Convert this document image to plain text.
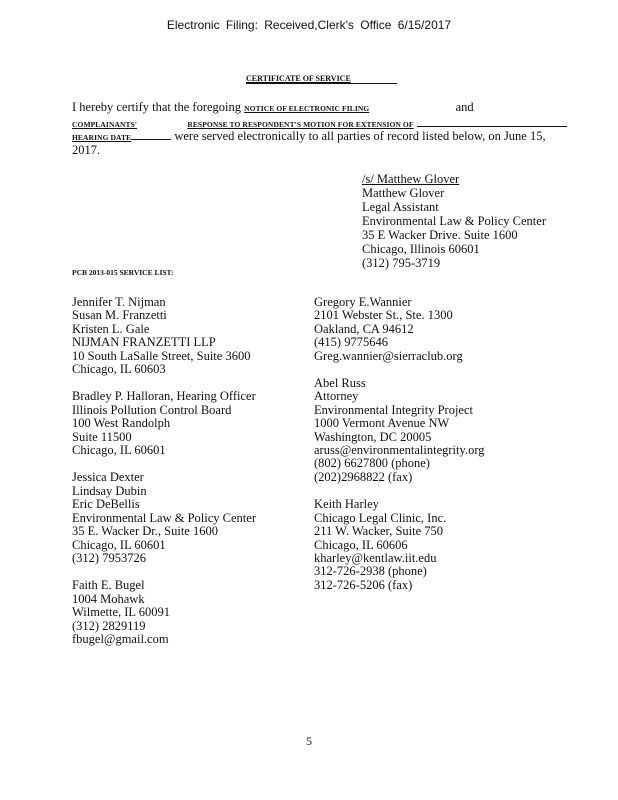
Electronic Filing: Received,Clerk's Office 6/15/2017
CERTIFICATE OF SERVICE
I hereby certify that the foregoing NOTICE OF ELECTRONIC FILING	and
COMPLAINANTS'	RESPONSE TO RESPONDENT'S MOTION FOR EXTENSION OF
HEARING DATE	were served electronically to all parties of record listed below, on June 15,
2017.
/s/ Matthew Glover
Matthew Glover
Legal Assistant
Environmental Law & Policy Center
35 E Wacker Drive. Suite 1600
Chicago, Illinois 60601
(312) 795-3719
PCB 2013-015 SERVICE LIST:
Jennifer T. Nijman
Susan M. Franzetti
Kristen L. Gale
NIJMAN FRANZETTI LLP
10 South LaSalle Street, Suite 3600
Chicago, IL 60603
Bradley P. Halloran, Hearing Officer
Illinois Pollution Control Board
100 West Randolph
Suite 11500
Chicago, IL 60601
Jessica Dexter
Lindsay Dubin
Eric DeBellis
Environmental Law & Policy Center
35 E. Wacker Dr., Suite 1600
Chicago, IL 60601
(312) 7953726
Faith E. Bugel
1004 Mohawk
Wilmette, IL 60091
(312) 2829119
fbugel@gmail.com
Gregory E.Wannier
2101 Webster St., Ste. 1300
Oakland, CA 94612
(415) 9775646
Greg.wannier@sierraclub.org
Abel Russ
Attorney
Environmental Integrity Project
1000 Vermont Avenue NW
Washington, DC 20005
aruss@environmentalintegrity.org
(802) 6627800 (phone)
(202)2968822 (fax)
Keith Harley
Chicago Legal Clinic, Inc.
211 W. Wacker, Suite 750
Chicago, IL 60606
kharley@kentlaw.iit.edu
312-726-2938 (phone)
312-726-5206 (fax)
5
